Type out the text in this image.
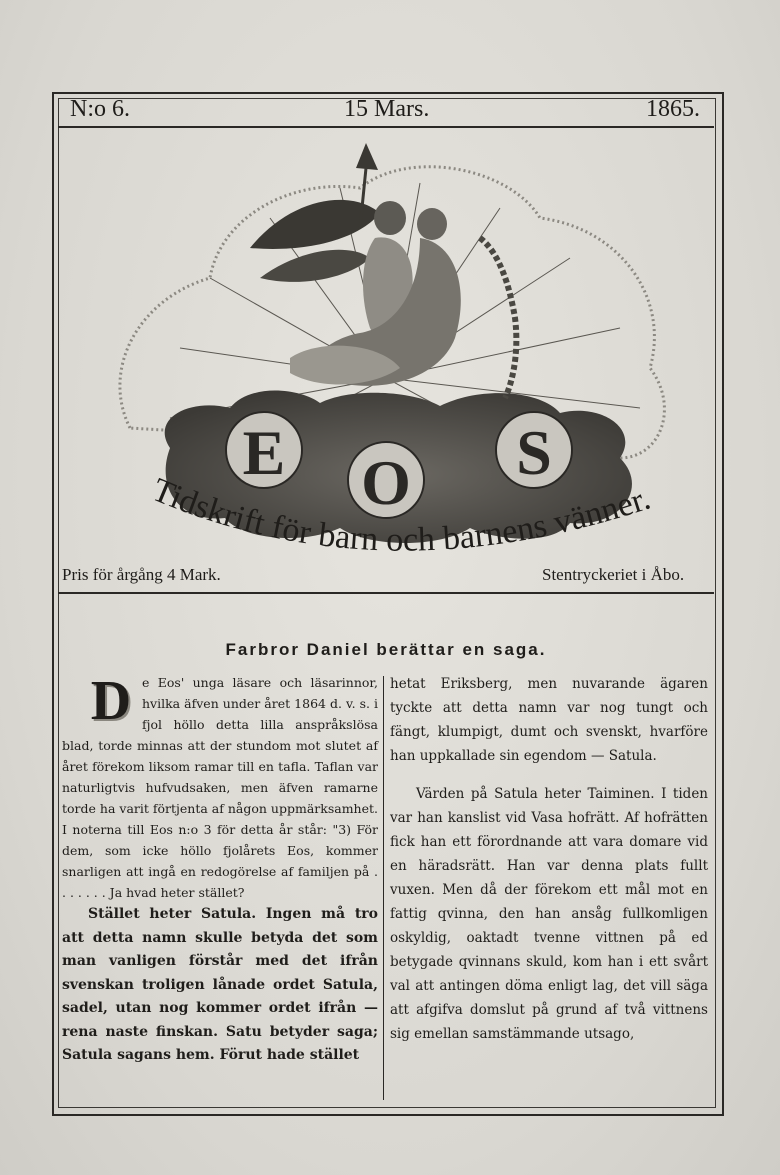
N:o 6.	15 Mars.	1865.
E O S
Tidskrift för barn och barnens vänner.
Pris för årgång 4 Mark.	Stentryckeriet i Åbo.
Farbror Daniel berättar en saga.

De Eos' unga läsare och läsarinnor, hvilka äfven under året 1864 d. v. s. i fjol höllo detta lilla anspråkslösa blad, torde minnas att der stundom mot slutet af året förekom liksom ramar till en tafla. Taflan var naturligtvis hufvudsaken, men äfven ramarne torde ha varit förtjenta af någon uppmärksamhet. I noterna till Eos n:o 3 för detta år står: "3) För dem, som icke höllo fjolårets Eos, kommer snarligen att ingå en redogörelse af familjen på . . . . . . . Ja hvad heter stället?

Stället heter Satula. Ingen må tro att detta namn skulle betyda det som man vanligen förstår med det ifrån svenskan troligen lånade ordet Satula, sadel, utan nog kommer ordet ifrån — rena naste finskan. Satu betyder saga; Satula sagans hem. Förut hade stället

hetat Eriksberg, men nuvarande ägaren tyckte att detta namn var nog tungt och fängt, klumpigt, dumt och svenskt, hvarföre han uppkallade sin egendom — Satula.

Värden på Satula heter Taiminen. I tiden var han kanslist vid Vasa hofrätt. Af hofrätten fick han ett förordnande att vara domare vid en häradsrätt. Han var denna plats fullt vuxen. Men då der förekom ett mål mot en fattig qvinna, den han ansåg fullkomligen oskyldig, oaktadt tvenne vittnen på ed betygade qvinnans skuld, kom han i ett svårt val att antingen döma enligt lag, det vill säga att afgifva domslut på grund af två vittnens sig emellan samstämmande utsago,
